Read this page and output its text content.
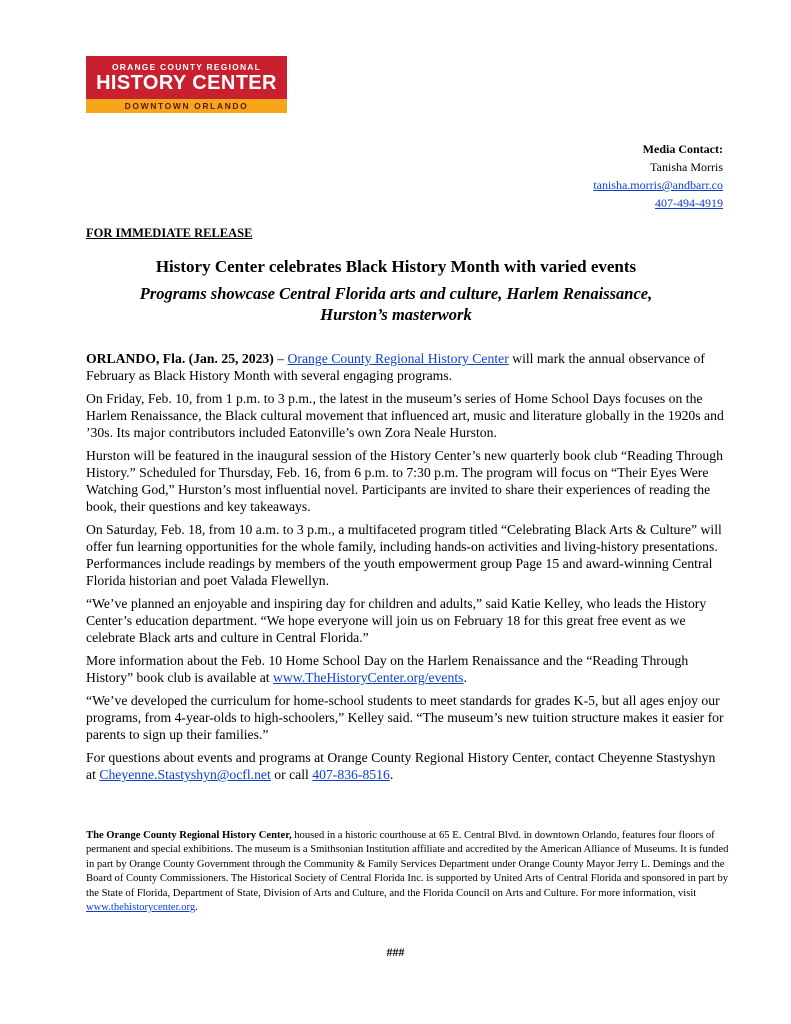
ORANGE COUNTY REGIONAL
HISTORY CENTER
DOWNTOWN ORLANDO
Media Contact:
Tanisha Morris
tanisha.morris@andbarr.co
407-494-4919
FOR IMMEDIATE RELEASE
History Center celebrates Black History Month with varied events
Programs showcase Central Florida arts and culture, Harlem Renaissance,
Hurston’s masterwork

ORLANDO, Fla. (Jan. 25, 2023) – Orange County Regional History Center will mark the annual observance of February as Black History Month with several engaging programs.

On Friday, Feb. 10, from 1 p.m. to 3 p.m., the latest in the museum’s series of Home School Days focuses on the Harlem Renaissance, the Black cultural movement that influenced art, music and literature globally in the 1920s and ’30s. Its major contributors included Eatonville’s own Zora Neale Hurston.

Hurston will be featured in the inaugural session of the History Center’s new quarterly book club “Reading Through History.” Scheduled for Thursday, Feb. 16, from 6 p.m. to 7:30 p.m. The program will focus on “Their Eyes Were Watching God,” Hurston’s most influential novel. Participants are invited to share their experiences of reading the book, their questions and key takeaways.

On Saturday, Feb. 18, from 10 a.m. to 3 p.m., a multifaceted program titled “Celebrating Black Arts & Culture” will offer fun learning opportunities for the whole family, including hands-on activities and living-history presentations. Performances include readings by members of the youth empowerment group Page 15 and award-winning Central Florida historian and poet Valada Flewellyn.

“We’ve planned an enjoyable and inspiring day for children and adults,” said Katie Kelley, who leads the History Center’s education department. “We hope everyone will join us on February 18 for this great free event as we celebrate Black arts and culture in Central Florida.”

More information about the Feb. 10 Home School Day on the Harlem Renaissance and the “Reading Through History” book club is available at www.TheHistoryCenter.org/events.

“We’ve developed the curriculum for home-school students to meet standards for grades K-5, but all ages enjoy our programs, from 4-year-olds to high-schoolers,” Kelley said. “The museum’s new tuition structure makes it easier for parents to sign up their families.”

For questions about events and programs at Orange County Regional History Center, contact Cheyenne Stastyshyn at Cheyenne.Stastyshyn@ocfl.net or call 407-836-8516.

The Orange County Regional History Center, housed in a historic courthouse at 65 E. Central Blvd. in downtown Orlando, features four floors of permanent and special exhibitions. The museum is a Smithsonian Institution affiliate and accredited by the American Alliance of Museums. It is funded in part by Orange County Government through the Community & Family Services Department under Orange County Mayor Jerry L. Demings and the Board of County Commissioners. The Historical Society of Central Florida Inc. is supported by United Arts of Central Florida and sponsored in part by the State of Florida, Department of State, Division of Arts and Culture, and the Florida Council on Arts and Culture. For more information, visit www.thehistorycenter.org.
###
